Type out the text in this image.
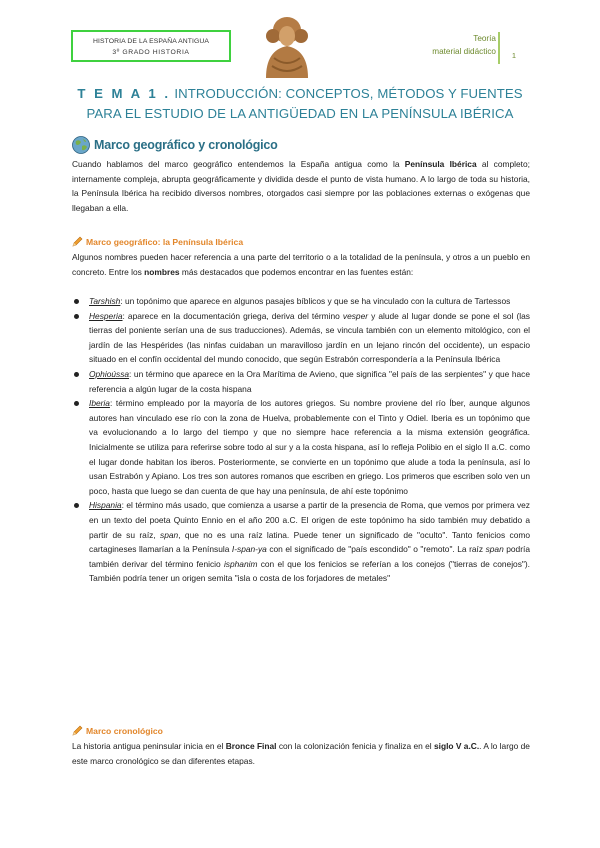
HISTORIA DE LA ESPAÑA ANTIGUA
3º GRADO HISTORIA
Teoría
material didáctico	1
T E M A 1 . INTRODUCCIÓN: CONCEPTOS, MÉTODOS Y FUENTES
PARA EL ESTUDIO DE LA ANTIGÜEDAD EN LA PENÍNSULA IBÉRICA
Marco geográfico y cronológico
Cuando hablamos del marco geográfico entendemos la España antigua como la Península Ibérica al completo; internamente compleja, abrupta geográficamente y dividida desde el punto de vista humano. A lo largo de toda su historia, la Península Ibérica ha recibido diversos nombres, otorgados casi siempre por las poblaciones externas o exógenas que llegaban a ella.
Marco geográfico: la Península Ibérica
Algunos nombres pueden hacer referencia a una parte del territorio o a la totalidad de la península, y otros a un pueblo en concreto. Entre los nombres más destacados que podemos encontrar en las fuentes están:
Tarshish: un topónimo que aparece en algunos pasajes bíblicos y que se ha vinculado con la cultura de Tartessos
Hesperia: aparece en la documentación griega, deriva del término vesper y alude al lugar donde se pone el sol (las tierras del poniente serían una de sus traducciones). Además, se vincula también con un elemento mitológico, con el jardín de las Hespérides (las ninfas cuidaban un maravilloso jardín en un lejano rincón del occidente), un espacio situado en el confín occidental del mundo conocido, que según Estrabón correspondería a la Península Ibérica
Ophioússa: un término que aparece en la Ora Marítima de Avieno, que significa "el país de las serpientes" y que hace referencia a algún lugar de la costa hispana
Iberia: término empleado por la mayoría de los autores griegos. Su nombre proviene del río Íber, aunque algunos autores han vinculado ese río con la zona de Huelva, probablemente con el Tinto y Odiel. Iberia es un topónimo que va evolucionando a lo largo del tiempo y que no siempre hace referencia a la misma extensión geográfica. Inicialmente se utiliza para referirse sobre todo al sur y a la costa hispana, así lo refleja Polibio en el siglo II a.C. como el lugar donde habitan los iberos. Posteriormente, se convierte en un topónimo que alude a toda la península, así lo usan Estrabón y Apiano. Los tres son autores romanos que escriben en griego. Los primeros que escriben solo ven un poco, hasta que luego se dan cuenta de que hay una península, de ahí este topónimo
Hispania: el término más usado, que comienza a usarse a partir de la presencia de Roma, que vemos por primera vez en un texto del poeta Quinto Ennio en el año 200 a.C. El origen de este topónimo ha sido también muy debatido a partir de su raíz, span, que no es una raíz latina. Puede tener un significado de "oculto". Tanto fenicios como cartagineses llamarían a la Península I-span-ya con el significado de "país escondido" o "remoto". La raíz span podría también derivar del término fenicio isphanim con el que los fenicios se referían a los conejos ("tierras de conejos"). También podría tener un origen semita "isla o costa de los forjadores de metales"
Marco cronológico
La historia antigua peninsular inicia en el Bronce Final con la colonización fenicia y finaliza en el siglo V a.C.. A lo largo de este marco cronológico se dan diferentes etapas.
